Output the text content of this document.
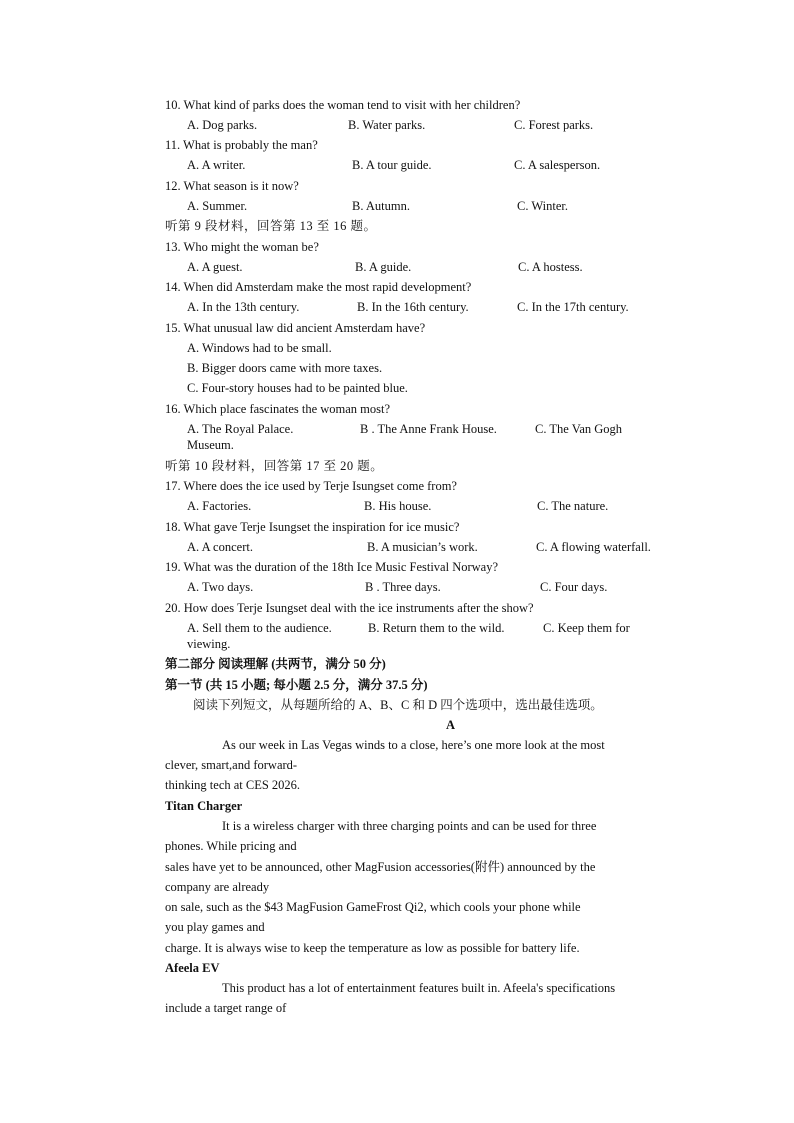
10. What kind of parks does the woman tend to visit with her children?
A. Dog parks.	B. Water parks.	C. Forest parks.
11. What is probably the man?
A. A writer.	B. A tour guide.	C. A salesperson.
12. What season is it now?
A. Summer.	B. Autumn.	C. Winter.
听第 9 段材料，回答第 13 至 16 题。
13. Who might the woman be?
A. A guest.	B. A guide.	C. A hostess.
14. When did Amsterdam make the most rapid development?
A. In the 13th century.	B. In the 16th century.	C. In the 17th century.
15. What unusual law did ancient Amsterdam have?
A. Windows had to be small.
B. Bigger doors came with more taxes.
C. Four-story houses had to be painted blue.
16. Which place fascinates the woman most?
A. The Royal Palace.	B . The Anne Frank House.	C. The Van Gogh
Museum.
听第 10 段材料，回答第 17 至 20 题。
17. Where does the ice used by Terje Isungset come from?
A. Factories.	B. His house.	C. The nature.
18. What gave Terje Isungset the inspiration for ice music?
A. A concert.	B. A musician’s work.	C. A flowing waterfall.
19. What was the duration of the 18th Ice Music Festival Norway?
A. Two days.	B . Three days.	C. Four days.
20. How does Terje Isungset deal with the ice instruments after the show?
A. Sell them to the audience.	B. Return them to the wild.	C. Keep them for
viewing.
第二部分 阅读理解 (共两节，满分 50 分)
第一节 (共 15 小题; 每小题 2.5 分，满分 37.5 分)
阅读下列短文，从每题所给的 A、B、C 和 D 四个选项中，选出最佳选项。
A
As our week in Las Vegas winds to a close, here’s one more look at the most
clever, smart,and forward-
thinking tech at CES 2026.
Titan Charger
It is a wireless charger with three charging points and can be used for three
phones. While pricing and
sales have yet to be announced, other MagFusion accessories(附件) announced by the
company are already
on sale, such as the $43 MagFusion GameFrost Qi2, which cools your phone while
you play games and
charge. It is always wise to keep the temperature as low as possible for battery life.
Afeela EV
This product has a lot of entertainment features built in. Afeela's specifications
include a target range of
